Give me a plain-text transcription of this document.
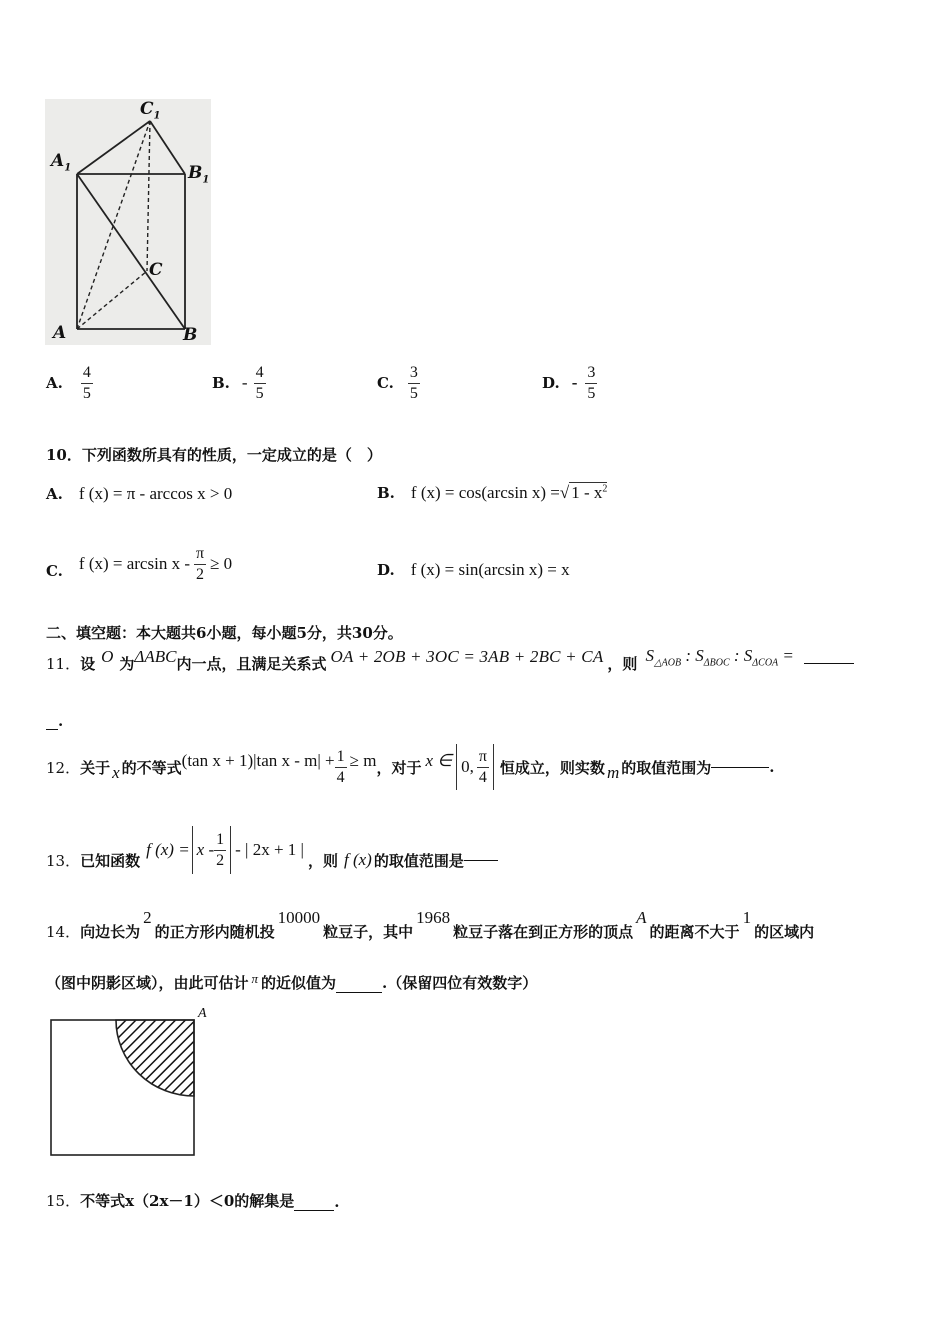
$C_1$
$A_1$	$B_1$
C
A	B
A. $\frac{4}{5}$	B. - $\frac{4}{5}$	C. $\frac{3}{5}$	D. - $\frac{3}{5}$
10．下列函数所具有的性质，一定成立的是（　）
A. f (x) = π - arccos x > 0	B. f (x) = cos(arcsin x) = √ $1 - x^2$
C. f $(x) = \arcsin x - \frac{\pi}{2} \ge 0$	D. f (x) = sin(arcsin x) = x
二、填空题：本大题共6小题，每小题5分，共30分。
11． 设 O 为 ΔABC 内一点，且满足关系式 OA + 2OB + 3OC = 3AB + 2BC + CA ，则 $S_{\triangle AOB}$ : $S_{\Delta BOC}$ : $S_{\Delta COA}$ =
.
12． 关于 x 的不等式 (tan x + 1)|tan $x - m| + \frac{1}{4} \ge m$ ，对于 x ∈ 0, $\frac{\pi}{4}$ 恒成立，则实数 m 的取值范围为	.
13． 已知函数
f $(x) = x - \frac{1}{2}$ - | 2x + 1 |
，则 f (x) 的取值范围是
14． 向边长为
2
的正方形内随机投
10000
粒豆子，其中
1968
粒豆子落在到正方形的顶点
A
的距离不大于
1
的区域内
（图中阴影区域），由此可估计 π 的近似值为	.（保留四位有效数字）
A
15． 不等式x（2x－1）＜0的解集是	.
